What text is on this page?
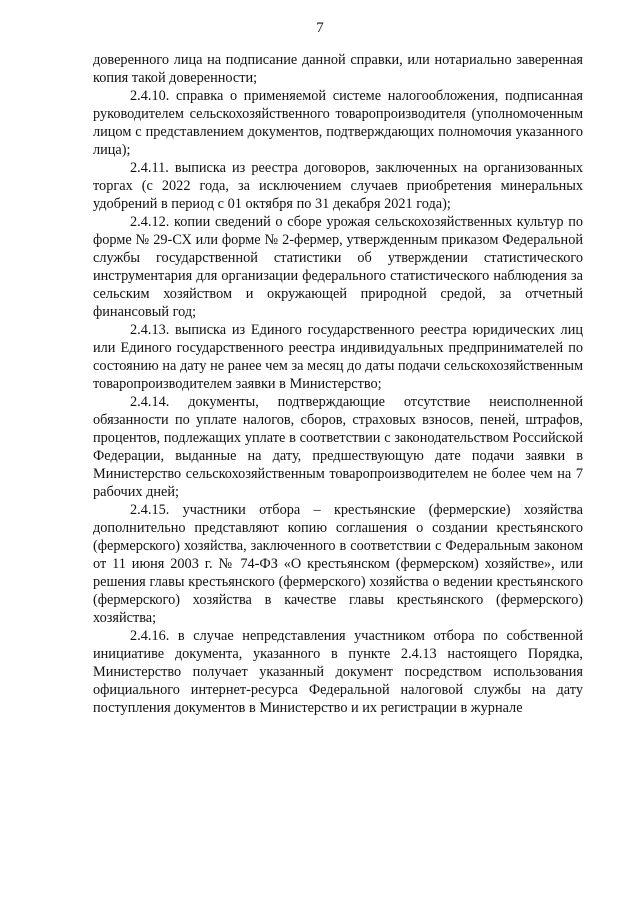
7

доверенного лица на подписание данной справки, или нотариально заверенная копия такой доверенности;

2.4.10. справка о применяемой системе налогообложения, подписанная руководителем сельскохозяйственного товаропроизводителя (уполномоченным лицом с представлением документов, подтверждающих полномочия указанного лица);

2.4.11. выписка из реестра договоров, заключенных на организованных торгах (с 2022 года, за исключением случаев приобретения минеральных удобрений в период с 01 октября по 31 декабря 2021 года);

2.4.12. копии сведений о сборе урожая сельскохозяйственных культур по форме № 29-СХ или форме № 2-фермер, утвержденным приказом Федеральной службы государственной статистики об утверждении статистического инструментария для организации федерального статистического наблюдения за сельским хозяйством и окружающей природной средой, за отчетный финансовый год;

2.4.13. выписка из Единого государственного реестра юридических лиц или Единого государственного реестра индивидуальных предпринимателей по состоянию на дату не ранее чем за месяц до даты подачи сельскохозяйственным товаропроизводителем заявки в Министерство;

2.4.14. документы, подтверждающие отсутствие неисполненной обязанности по уплате налогов, сборов, страховых взносов, пеней, штрафов, процентов, подлежащих уплате в соответствии с законодательством Российской Федерации, выданные на дату, предшествующую дате подачи заявки в Министерство сельскохозяйственным товаропроизводителем не более чем на 7 рабочих дней;

2.4.15. участники отбора – крестьянские (фермерские) хозяйства дополнительно представляют копию соглашения о создании крестьянского (фермерского) хозяйства, заключенного в соответствии с Федеральным законом от 11 июня 2003 г. № 74-ФЗ «О крестьянском (фермерском) хозяйстве», или решения главы крестьянского (фермерского) хозяйства о ведении крестьянского (фермерского) хозяйства в качестве главы крестьянского (фермерского) хозяйства;

2.4.16. в случае непредставления участником отбора по собственной инициативе документа, указанного в пункте 2.4.13 настоящего Порядка, Министерство получает указанный документ посредством использования официального интернет-ресурса Федеральной налоговой службы на дату поступления документов в Министерство и их регистрации в журнале
